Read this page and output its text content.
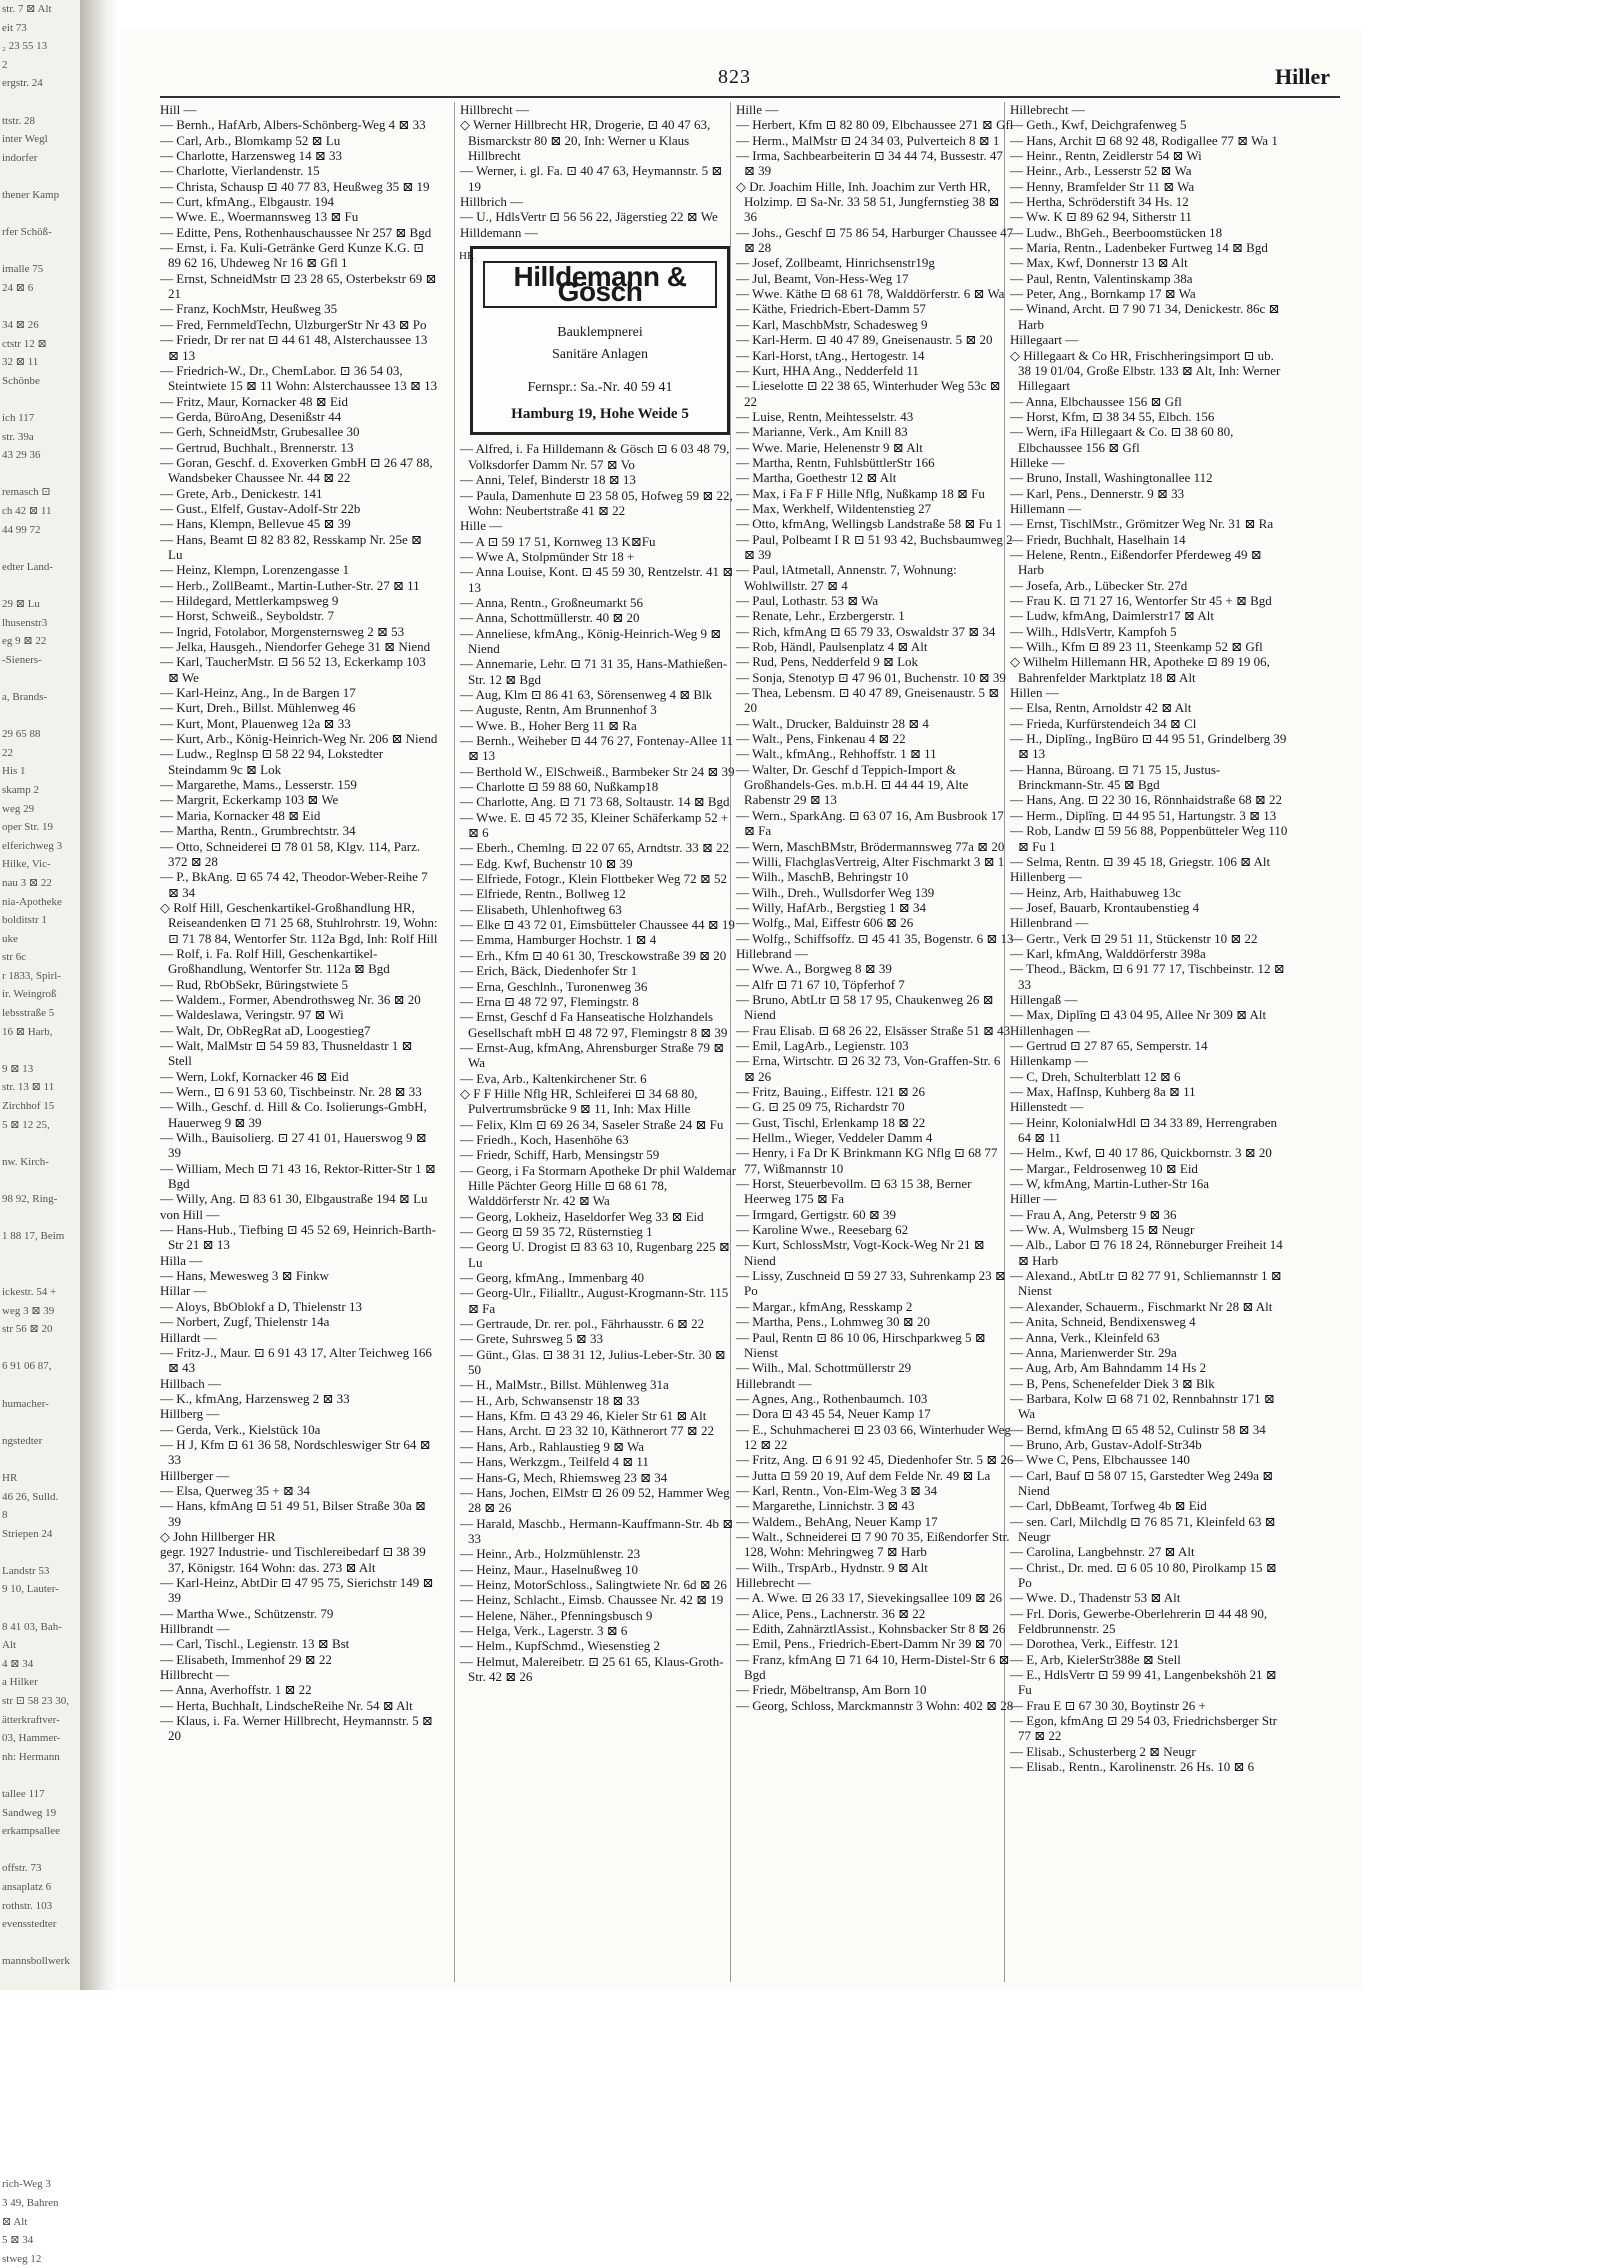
str. 7 ⊠ Alt
eit 73
₂ 23 55 13
2
ergstr. 24

ttstr. 28
inter Wegl
indorfer

thener Kamp

rfer Schöß-

imalle 75
24 ⊠ 6

34 ⊠ 26
ctstr 12 ⊠
32 ⊠ 11
Schönbe

ich 117
str. 39a
43 29 36

remasch ⊡
ch 42 ⊠ 11
44 99 72

edter Land-

29 ⊠ Lu
lhusenstr3
eg 9 ⊠ 22
-Sieners-

a, Brands-

29 65 88
22
His 1
skamp 2
weg 29
oper Str. 19
elferichweg 3
Hilke, Vic-
nau 3 ⊠ 22
nia-Apotheke
bolditstr 1
uke
str 6c
r 1833, Spirl-
ir. Weingroß
lebsstraße 5
16 ⊠ Harb,

9 ⊠ 13
str. 13 ⊠ 11
Zirchhof 15
5 ⊠ 12 25,

nw. Kirch-

98 92, Ring-

1 88 17, Beim

ickestr. 54 +
weg 3 ⊠ 39
str 56 ⊠ 20

6 91 06 87,

humacher-

ngstedter

HR
46 26, Sulld.
8
Striepen 24

Landstr 53
9 10, Lauter-

8 41 03, Bah-
Alt
4 ⊠ 34
a Hilker
str ⊡ 58 23 30,
ätterkraftver-
03, Hammer-
nh: Hermann

tallee 117
Sandweg 19
erkampsallee

offstr. 73
ansaplatz 6
rothstr. 103
evensstedter

mannsbollwerk

rich-Weg 3
3 49, Bahren
⊠ Alt
5 ⊠ 34
stweg 12
823	Hiller
Hill —
— Bernh., HafArb, Albers-Schönberg-Weg 4 ⊠ 33
— Carl, Arb., Blomkamp 52 ⊠ Lu
— Charlotte, Harzensweg 14 ⊠ 33
— Charlotte, Vierlandenstr. 15
— Christa, Schausp ⊡ 40 77 83, Heußweg 35 ⊠ 19
— Curt, kfmAng., Elbgaustr. 194
— Wwe. E., Woermannsweg 13 ⊠ Fu
— Editte, Pens, Rothenhauschaussee Nr 257 ⊠ Bgd
— Ernst, i. Fa. Kuli-Getränke Gerd Kunze K.G. ⊡ 89 62 16, Uhdeweg Nr 16 ⊠ Gfl 1
— Ernst, SchneidMstr ⊡ 23 28 65, Osterbekstr 69 ⊠ 21
— Franz, KochMstr, Heußweg 35
— Fred, FernmeldTechn, UlzburgerStr Nr 43 ⊠ Po
— Friedr, Dr rer nat ⊡ 44 61 48, Alsterchaussee 13 ⊠ 13
— Friedrich-W., Dr., ChemLabor. ⊡ 36 54 03, Steintwiete 15 ⊠ 11 Wohn: Alsterchaussee 13 ⊠ 13
— Fritz, Maur, Kornacker 48 ⊠ Eid
— Gerda, BüroAng, Desenißstr 44
— Gerh, SchneidMstr, Grubesallee 30
— Gertrud, Buchhalt., Brennerstr. 13
— Goran, Geschf. d. Exoverken GmbH ⊡ 26 47 88, Wandsbeker Chaussee Nr. 44 ⊠ 22
— Grete, Arb., Denickestr. 141
— Gust., Elfelf, Gustav-Adolf-Str 22b
— Hans, Klempn, Bellevue 45 ⊠ 39
— Hans, Beamt ⊡ 82 83 82, Resskamp Nr. 25e ⊠ Lu
— Heinz, Klempn, Lorenzengasse 1
— Herb., ZollBeamt., Martin-Luther-Str. 27 ⊠ 11
— Hildegard, Mettlerkampsweg 9
— Horst, Schweiß., Seyboldstr. 7
— Ingrid, Fotolabor, Morgensternsweg 2 ⊠ 53
— Jelka, Hausgeh., Niendorfer Gehege 31 ⊠ Niend
— Karl, TaucherMstr. ⊡ 56 52 13, Eckerkamp 103 ⊠ We
— Karl-Heinz, Ang., In de Bargen 17
— Kurt, Dreh., Billst. Mühlenweg 46
— Kurt, Mont, Plauenweg 12a ⊠ 33
— Kurt, Arb., König-Heinrich-Weg Nr. 206 ⊠ Niend
— Ludw., Reglnsp ⊡ 58 22 94, Lokstedter Steindamm 9c ⊠ Lok
— Margarethe, Mams., Lesserstr. 159
— Margrit, Eckerkamp 103 ⊠ We
— Maria, Kornacker 48 ⊠ Eid
— Martha, Rentn., Grumbrechtstr. 34
— Otto, Schneiderei ⊡ 78 01 58, Klgv. 114, Parz. 372 ⊠ 28
— P., BkAng. ⊡ 65 74 42, Theodor-Weber-Reihe 7 ⊠ 34
◇ Rolf Hill, Geschenkartikel-Großhandlung HR, Reiseandenken ⊡ 71 25 68, Stuhlrohrstr. 19, Wohn: ⊡ 71 78 84, Wentorfer Str. 112a Bgd, Inh: Rolf Hill
— Rolf, i. Fa. Rolf Hill, Geschenkartikel-Großhandlung, Wentorfer Str. 112a ⊠ Bgd
— Rud, RbObSekr, Büringstwiete 5
— Waldem., Former, Abendrothsweg Nr. 36 ⊠ 20
— Waldeslawa, Veringstr. 97 ⊠ Wi
— Walt, Dr, ObRegRat aD, Loogestieg7
— Walt, MalMstr ⊡ 54 59 83, Thusneldastr 1 ⊠ Stell
— Wern, Lokf, Kornacker 46 ⊠ Eid
— Wern., ⊡ 6 91 53 60, Tischbeinstr. Nr. 28 ⊠ 33
— Wilh., Geschf. d. Hill & Co. Isolierungs-GmbH, Hauerweg 9 ⊠ 39
— Wilh., Bauisolierg. ⊡ 27 41 01, Hauerswog 9 ⊠ 39
— William, Mech ⊡ 71 43 16, Rektor-Ritter-Str 1 ⊠ Bgd
— Willy, Ang. ⊡ 83 61 30, Elbgaustraße 194 ⊠ Lu
von Hill —
— Hans-Hub., Tiefbing ⊡ 45 52 69, Heinrich-Barth-Str 21 ⊠ 13
Hilla —
— Hans, Mewesweg 3 ⊠ Finkw
Hillar —
— Aloys, BbOblokf a D, Thielenstr 13
— Norbert, Zugf, Thielenstr 14a
Hillardt —
— Fritz-J., Maur. ⊡ 6 91 43 17, Alter Teichweg 166 ⊠ 43
Hillbach —
— K., kfmAng, Harzensweg 2 ⊠ 33
Hillberg —
— Gerda, Verk., Kielstück 10a
— H J, Kfm ⊡ 61 36 58, Nordschleswiger Str 64 ⊠ 33
Hillberger —
— Elsa, Querweg 35 + ⊠ 34
— Hans, kfmAng ⊡ 51 49 51, Bilser Straße 30a ⊠ 39
◇ John Hillberger HR
gegr. 1927 Industrie- und Tischlereibedarf ⊡ 38 39 37, Königstr. 164 Wohn: das. 273 ⊠ Alt
— Karl-Heinz, AbtDir ⊡ 47 95 75, Sierichstr 149 ⊠ 39
— Martha Wwe., Schützenstr. 79
Hillbrandt —
— Carl, Tischl., Legienstr. 13 ⊠ Bst
— Elisabeth, Immenhof 29 ⊠ 22
Hillbrecht —
— Anna, Averhoffstr. 1 ⊠ 22
— Herta, BuchhaIt, LindscheReihe Nr. 54 ⊠ Alt
— Klaus, i. Fa. Werner Hillbrecht, Heymannstr. 5 ⊠ 20
Hillbrecht —
◇ Werner Hillbrecht HR, Drogerie, ⊡ 40 47 63, Bismarckstr 80 ⊠ 20, Inh: Werner u Klaus Hillbrecht
— Werner, i. gl. Fa. ⊡ 40 47 63, Heymannstr. 5 ⊠ 19
Hillbrich —
— U., HdlsVertr ⊡ 56 56 22, Jägerstieg 22 ⊠ We
Hilldemann —
HR
Hilldemann & Gösch
Bauklempnerei
Sanitäre Anlagen
Fernspr.: Sa.-Nr. 40 59 41
Hamburg 19, Hohe Weide 5
— Alfred, i. Fa Hilldemann & Gösch ⊡ 6 03 48 79, Volksdorfer Damm Nr. 57 ⊠ Vo
— Anni, Telef, Binderstr 18 ⊠ 13
— Paula, Damenhute ⊡ 23 58 05, Hofweg 59 ⊠ 22, Wohn: Neubertstraße 41 ⊠ 22
Hille —
— A ⊡ 59 17 51, Kornweg 13 K⊠Fu
— Wwe A, Stolpmünder Str 18 +
— Anna Louise, Kont. ⊡ 45 59 30, Rentzelstr. 41 ⊠ 13
— Anna, Rentn., Großneumarkt 56
— Anna, Schottmüllerstr. 40 ⊠ 20
— Anneliese, kfmAng., König-Heinrich-Weg 9 ⊠ Niend
— Annemarie, Lehr. ⊡ 71 31 35, Hans-Mathießen-Str. 12 ⊠ Bgd
— Aug, Klm ⊡ 86 41 63, Sörensenweg 4 ⊠ Blk
— Auguste, Rentn, Am Brunnenhof 3
— Wwe. B., Hoher Berg 11 ⊠ Ra
— Bernh., Weiheber ⊡ 44 76 27, Fontenay-Allee 11 ⊠ 13
— Berthold W., ElSchweiß., Barmbeker Str 24 ⊠ 39
— Charlotte ⊡ 59 88 60, Nußkamp18
— Charlotte, Ang. ⊡ 71 73 68, Soltaustr. 14 ⊠ Bgd
— Wwe. E. ⊡ 45 72 35, Kleiner Schäferkamp 52 + ⊠ 6
— Eberh., Chemlng. ⊡ 22 07 65, Arndtstr. 33 ⊠ 22
— Edg. Kwf, Buchenstr 10 ⊠ 39
— Elfriede, Fotogr., Klein Flottbeker Weg 72 ⊠ 52
— Elfriede, Rentn., Bollweg 12
— Elisabeth, Uhlenhoftweg 63
— Elke ⊡ 43 72 01, Eimsbütteler Chaussee 44 ⊠ 19
— Emma, Hamburger Hochstr. 1 ⊠ 4
— Erh., Kfm ⊡ 40 61 30, Tresckowstraße 39 ⊠ 20
— Erich, Bäck, Diedenhofer Str 1
— Erna, Geschlnh., Turonenweg 36
— Erna ⊡ 48 72 97, Flemingstr. 8
— Ernst, Geschf d Fa Hanseatische Holzhandels Gesellschaft mbH ⊡ 48 72 97, Flemingstr 8 ⊠ 39
— Ernst-Aug, kfmAng, Ahrensburger Straße 79 ⊠ Wa
— Eva, Arb., Kaltenkirchener Str. 6
◇ F F Hille Nflg HR, Schleiferei ⊡ 34 68 80, Pulvertrumsbrücke 9 ⊠ 11, Inh: Max Hille
— Felix, Klm ⊡ 69 26 34, Saseler Straße 24 ⊠ Fu
— Friedh., Koch, Hasenhöhe 63
— Friedr, Schiff, Harb, Mensingstr 59
— Georg, i Fa Stormarn Apotheke Dr phil Waldemar Hille Pächter Georg Hille ⊡ 68 61 78, Walddörferstr Nr. 42 ⊠ Wa
— Georg, Lokheiz, Haseldorfer Weg 33 ⊠ Eid
— Georg ⊡ 59 35 72, Rüsternstieg 1
— Georg U. Drogist ⊡ 83 63 10, Rugenbarg 225 ⊠ Lu
— Georg, kfmAng., Immenbarg 40
— Georg-Ulr., Filialltr., August-Krogmann-Str. 115 ⊠ Fa
— Gertraude, Dr. rer. pol., Fährhausstr. 6 ⊠ 22
— Grete, Suhrsweg 5 ⊠ 33
— Günt., Glas. ⊡ 38 31 12, Julius-Leber-Str. 30 ⊠ 50
— H., MalMstr., Billst. Mühlenweg 31a
— H., Arb, Schwansenstr 18 ⊠ 33
— Hans, Kfm. ⊡ 43 29 46, Kieler Str 61 ⊠ Alt
— Hans, Archt. ⊡ 23 32 10, Käthnerort 77 ⊠ 22
— Hans, Arb., Rahlaustieg 9 ⊠ Wa
— Hans, Werkzgm., Teilfeld 4 ⊠ 11
— Hans-G, Mech, Rhiemsweg 23 ⊠ 34
— Hans, Jochen, ElMstr ⊡ 26 09 52, Hammer Weg 28 ⊠ 26
— Harald, Maschb., Hermann-Kauffmann-Str. 4b ⊠ 33
— Heinr., Arb., Holzmühlenstr. 23
— Heinz, Maur., Haselnußweg 10
— Heinz, MotorSchloss., Salingtwiete Nr. 6d ⊠ 26
— Heinz, Schlacht., Eimsb. Chaussee Nr. 42 ⊠ 19
— Helene, Näher., Pfenningsbusch 9
— Helga, Verk., Lagerstr. 3 ⊠ 6
— Helm., KupfSchmd., Wiesenstieg 2
— Helmut, Malereibetr. ⊡ 25 61 65, Klaus-Groth-Str. 42 ⊠ 26
Hille —
— Herbert, Kfm ⊡ 82 80 09, Elbchaussee 271 ⊠ Gfl
— Herm., MalMstr ⊡ 24 34 03, Pulverteich 8 ⊠ 1
— Irma, Sachbearbeiterin ⊡ 34 44 74, Bussestr. 47 ⊠ 39
◇ Dr. Joachim Hille, Inh. Joachim zur Verth HR, Holzimp. ⊡ Sa-Nr. 33 58 51, Jungfernstieg 38 ⊠ 36
— Johs., Geschf ⊡ 75 86 54, Harburger Chaussee 47 ⊠ 28
— Josef, Zollbeamt, Hinrichsenstr19g
— Jul, Beamt, Von-Hess-Weg 17
— Wwe. Käthe ⊡ 68 61 78, Walddörferstr. 6 ⊠ Wa
— Käthe, Friedrich-Ebert-Damm 57
— Karl, MaschbMstr, Schadesweg 9
— Karl-Herm. ⊡ 40 47 89, Gneisenaustr. 5 ⊠ 20
— Karl-Horst, tAng., Hertogestr. 14
— Kurt, HHA Ang., Nedderfeld 11
— Lieselotte ⊡ 22 38 65, Winterhuder Weg 53c ⊠ 22
— Luise, Rentn, Meihtesselstr. 43
— Marianne, Verk., Am Knill 83
— Wwe. Marie, Helenenstr 9 ⊠ Alt
— Martha, Rentn, FuhlsbüttlerStr 166
— Martha, Goethestr 12 ⊠ Alt
— Max, i Fa F F Hille Nflg, Nußkamp 18 ⊠ Fu
— Max, Werkhelf, Wildentenstieg 27
— Otto, kfmAng, Wellingsb Landstraße 58 ⊠ Fu 1
— Paul, Polbeamt I R ⊡ 51 93 42, Buchsbaumweg 2 ⊠ 39
— Paul, lAtmetall, Annenstr. 7, Wohnung: Wohlwillstr. 27 ⊠ 4
— Paul, Lothastr. 53 ⊠ Wa
— Renate, Lehr., Erzbergerstr. 1
— Rich, kfmAng ⊡ 65 79 33, Oswaldstr 37 ⊠ 34
— Rob, Händl, Paulsenplatz 4 ⊠ Alt
— Rud, Pens, Nedderfeld 9 ⊠ Lok
— Sonja, Stenotyp ⊡ 47 96 01, Buchenstr. 10 ⊠ 39
— Thea, Lebensm. ⊡ 40 47 89, Gneisenaustr. 5 ⊠ 20
— Walt., Drucker, Balduinstr 28 ⊠ 4
— Walt., Pens, Finkenau 4 ⊠ 22
— Walt., kfmAng., Rehhoffstr. 1 ⊠ 11
— Walter, Dr. Geschf d Teppich-Import & Großhandels-Ges. m.b.H. ⊡ 44 44 19, Alte Rabenstr 29 ⊠ 13
— Wern., SparkAng. ⊡ 63 07 16, Am Busbrook 17 ⊠ Fa
— Wern, MaschBMstr, Brödermannsweg 77a ⊠ 20
— Willi, FlachglasVertreig, Alter Fischmarkt 3 ⊠ 1
— Wilh., MaschB, Behringstr 10
— Wilh., Dreh., Wullsdorfer Weg 139
— Willy, HafArb., Bergstieg 1 ⊠ 34
— Wolfg., Mal, Eiffestr 606 ⊠ 26
— Wolfg., Schiffsoffz. ⊡ 45 41 35, Bogenstr. 6 ⊠ 13
Hillebrand —
— Wwe. A., Borgweg 8 ⊠ 39
— Alfr ⊡ 71 67 10, Töpferhof 7
— Bruno, AbtLtr ⊡ 58 17 95, Chaukenweg 26 ⊠ Niend
— Frau Elisab. ⊡ 68 26 22, Elsässer Straße 51 ⊠ 43
— Emil, LagArb., Legienstr. 103
— Erna, Wirtschtr. ⊡ 26 32 73, Von-Graffen-Str. 6 ⊠ 26
— Fritz, Bauing., Eiffestr. 121 ⊠ 26
— G. ⊡ 25 09 75, Richardstr 70
— Gust, Tischl, Erlenkamp 18 ⊠ 22
— Hellm., Wieger, Veddeler Damm 4
— Henry, i Fa Dr K Brinkmann KG Nflg ⊡ 68 77 77, Wißmannstr 10
— Horst, Steuerbevollm. ⊡ 63 15 38, Berner Heerweg 175 ⊠ Fa
— Irmgard, Gertigstr. 60 ⊠ 39
— Karoline Wwe., Reesebarg 62
— Kurt, SchlossMstr, Vogt-Kock-Weg Nr 21 ⊠ Niend
— Lissy, Zuschneid ⊡ 59 27 33, Suhrenkamp 23 ⊠ Po
— Margar., kfmAng, Resskamp 2
— Martha, Pens., Lohmweg 30 ⊠ 20
— Paul, Rentn ⊡ 86 10 06, Hirschparkweg 5 ⊠ Nienst
— Wilh., Mal. Schottmüllerstr 29
Hillebrandt —
— Agnes, Ang., Rothenbaumch. 103
— Dora ⊡ 43 45 54, Neuer Kamp 17
— E., Schuhmacherei ⊡ 23 03 66, Winterhuder Weg 12 ⊠ 22
— Fritz, Ang. ⊡ 6 91 92 45, Diedenhofer Str. 5 ⊠ 26
— Jutta ⊡ 59 20 19, Auf dem Felde Nr. 49 ⊠ La
— Karl, Rentn., Von-Elm-Weg 3 ⊠ 34
— Margarethe, Linnichstr. 3 ⊠ 43
— Waldem., BehAng, Neuer Kamp 17
— Walt., Schneiderei ⊡ 7 90 70 35, Eißendorfer Str. 128, Wohn: Mehringweg 7 ⊠ Harb
— Wilh., TrspArb., Hydnstr. 9 ⊠ Alt
Hillebrecht —
— A. Wwe. ⊡ 26 33 17, Sievekingsallee 109 ⊠ 26
— Alice, Pens., Lachnerstr. 36 ⊠ 22
— Edith, ZahnärztlAssist., Kohnsbacker Str 8 ⊠ 26
— Emil, Pens., Friedrich-Ebert-Damm Nr 39 ⊠ 70
— Franz, kfmAng ⊡ 71 64 10, Herm-Distel-Str 6 ⊠ Bgd
— Friedr, Möbeltransp, Am Born 10
— Georg, Schloss, Marckmannstr 3 Wohn: 402 ⊠ 28
Hillebrecht —
— Geth., Kwf, Deichgrafenweg 5
— Hans, Archit ⊡ 68 92 48, Rodigallee 77 ⊠ Wa 1
— Heinr., Rentn, Zeidlerstr 54 ⊠ Wi
— Heinr., Arb., Lesserstr 52 ⊠ Wa
— Henny, Bramfelder Str 11 ⊠ Wa
— Hertha, Schröderstift 34 Hs. 12
— Ww. K ⊡ 89 62 94, Sitherstr 11
— Ludw., BhGeh., Beerboomstücken 18
— Maria, Rentn., Ladenbeker Furtweg 14 ⊠ Bgd
— Max, Kwf, Donnerstr 13 ⊠ Alt
— Paul, Rentn, Valentinskamp 38a
— Peter, Ang., Bornkamp 17 ⊠ Wa
— Winand, Archt. ⊡ 7 90 71 34, Denickestr. 86c ⊠ Harb
Hillegaart —
◇ Hillegaart & Co HR, Frischheringsimport ⊡ ub. 38 19 01/04, Große Elbstr. 133 ⊠ Alt, Inh: Werner Hillegaart
— Anna, Elbchaussee 156 ⊠ Gfl
— Horst, Kfm, ⊡ 38 34 55, Elbch. 156
— Wern, iFa Hillegaart & Co. ⊡ 38 60 80, Elbchaussee 156 ⊠ Gfl
Hilleke —
— Bruno, Install, Washingtonallee 112
— Karl, Pens., Dennerstr. 9 ⊠ 33
Hillemann —
— Ernst, TischlMstr., Grömitzer Weg Nr. 31 ⊠ Ra
— Friedr, Buchhalt, Haselhain 14
— Helene, Rentn., Eißendorfer Pferdeweg 49 ⊠ Harb
— Josefa, Arb., Lübecker Str. 27d
— Frau K. ⊡ 71 27 16, Wentorfer Str 45 + ⊠ Bgd
— Ludw, kfmAng, Daimlerstr17 ⊠ Alt
— Wilh., HdlsVertr, Kampfoh 5
— Wilh., Kfm ⊡ 89 23 11, Steenkamp 52 ⊠ Gfl
◇ Wilhelm Hillemann HR, Apotheke ⊡ 89 19 06, Bahrenfelder Marktplatz 18 ⊠ Alt
Hillen —
— Elsa, Rentn, Arnoldstr 42 ⊠ Alt
— Frieda, Kurfürstendeich 34 ⊠ Cl
— H., Diplîng., IngBüro ⊡ 44 95 51, Grindelberg 39 ⊠ 13
— Hanna, Büroang. ⊡ 71 75 15, Justus-Brinckmann-Str. 45 ⊠ Bgd
— Hans, Ang. ⊡ 22 30 16, Rönnhaidstraße 68 ⊠ 22
— Herm., Diplîng. ⊡ 44 95 51, Hartungstr. 3 ⊠ 13
— Rob, Landw ⊡ 59 56 88, Poppenbütteler Weg 110 ⊠ Fu 1
— Selma, Rentn. ⊡ 39 45 18, Griegstr. 106 ⊠ Alt
Hillenberg —
— Heinz, Arb, Haithabuweg 13c
— Josef, Bauarb, Krontaubenstieg 4
Hillenbrand —
— Gertr., Verk ⊡ 29 51 11, Stückenstr 10 ⊠ 22
— Karl, kfmAng, Walddörferstr 398a
— Theod., Bäckm, ⊡ 6 91 77 17, Tischbeinstr. 12 ⊠ 33
Hillengaß —
— Max, Diplîng ⊡ 43 04 95, Allee Nr 309 ⊠ Alt
Hillenhagen —
— Gertrud ⊡ 27 87 65, Semperstr. 14
Hillenkamp —
— C, Dreh, Schulterblatt 12 ⊠ 6
— Max, HafInsp, Kuhberg 8a ⊠ 11
Hillenstedt —
— Heinr, KolonialwHdl ⊡ 34 33 89, Herrengraben 64 ⊠ 11
— Helm., Kwf, ⊡ 40 17 86, Quickbornstr. 3 ⊠ 20
— Margar., Feldrosenweg 10 ⊠ Eid
— W, kfmAng, Martin-Luther-Str 16a
Hiller —
— Frau A, Ang, Peterstr 9 ⊠ 36
— Ww. A, Wulmsberg 15 ⊠ Neugr
— Alb., Labor ⊡ 76 18 24, Rönneburger Freiheit 14 ⊠ Harb
— Alexand., AbtLtr ⊡ 82 77 91, Schliemannstr 1 ⊠ Nienst
— Alexander, Schauerm., Fischmarkt Nr 28 ⊠ Alt
— Anita, Schneid, Bendixensweg 4
— Anna, Verk., Kleinfeld 63
— Anna, Marienwerder Str. 29a
— Aug, Arb, Am Bahndamm 14 Hs 2
— B, Pens, Schenefelder Diek 3 ⊠ Blk
— Barbara, Kolw ⊡ 68 71 02, Rennbahnstr 171 ⊠ Wa
— Bernd, kfmAng ⊡ 65 48 52, Culinstr 58 ⊠ 34
— Bruno, Arb, Gustav-Adolf-Str34b
— Wwe C, Pens, Elbchaussee 140
— Carl, Bauf ⊡ 58 07 15, Garstedter Weg 249a ⊠ Niend
— Carl, DbBeamt, Torfweg 4b ⊠ Eid
— sen. Carl, Milchdlg ⊡ 76 85 71, Kleinfeld 63 ⊠ Neugr
— Carolina, Langbehnstr. 27 ⊠ Alt
— Christ., Dr. med. ⊡ 6 05 10 80, Pirolkamp 15 ⊠ Po
— Wwe. D., Thadenstr 53 ⊠ Alt
— Frl. Doris, Gewerbe-Oberlehrerin ⊡ 44 48 90, Feldbrunnenstr. 25
— Dorothea, Verk., Eiffestr. 121
— E, Arb, KielerStr388e ⊠ Stell
— E., HdlsVertr ⊡ 59 99 41, Langenbekshöh 21 ⊠ Fu
— Frau E ⊡ 67 30 30, Boytinstr 26 +
— Egon, kfmAng ⊡ 29 54 03, Friedrichsberger Str 77 ⊠ 22
— Elisab., Schusterberg 2 ⊠ Neugr
— Elisab., Rentn., Karolinenstr. 26 Hs. 10 ⊠ 6
